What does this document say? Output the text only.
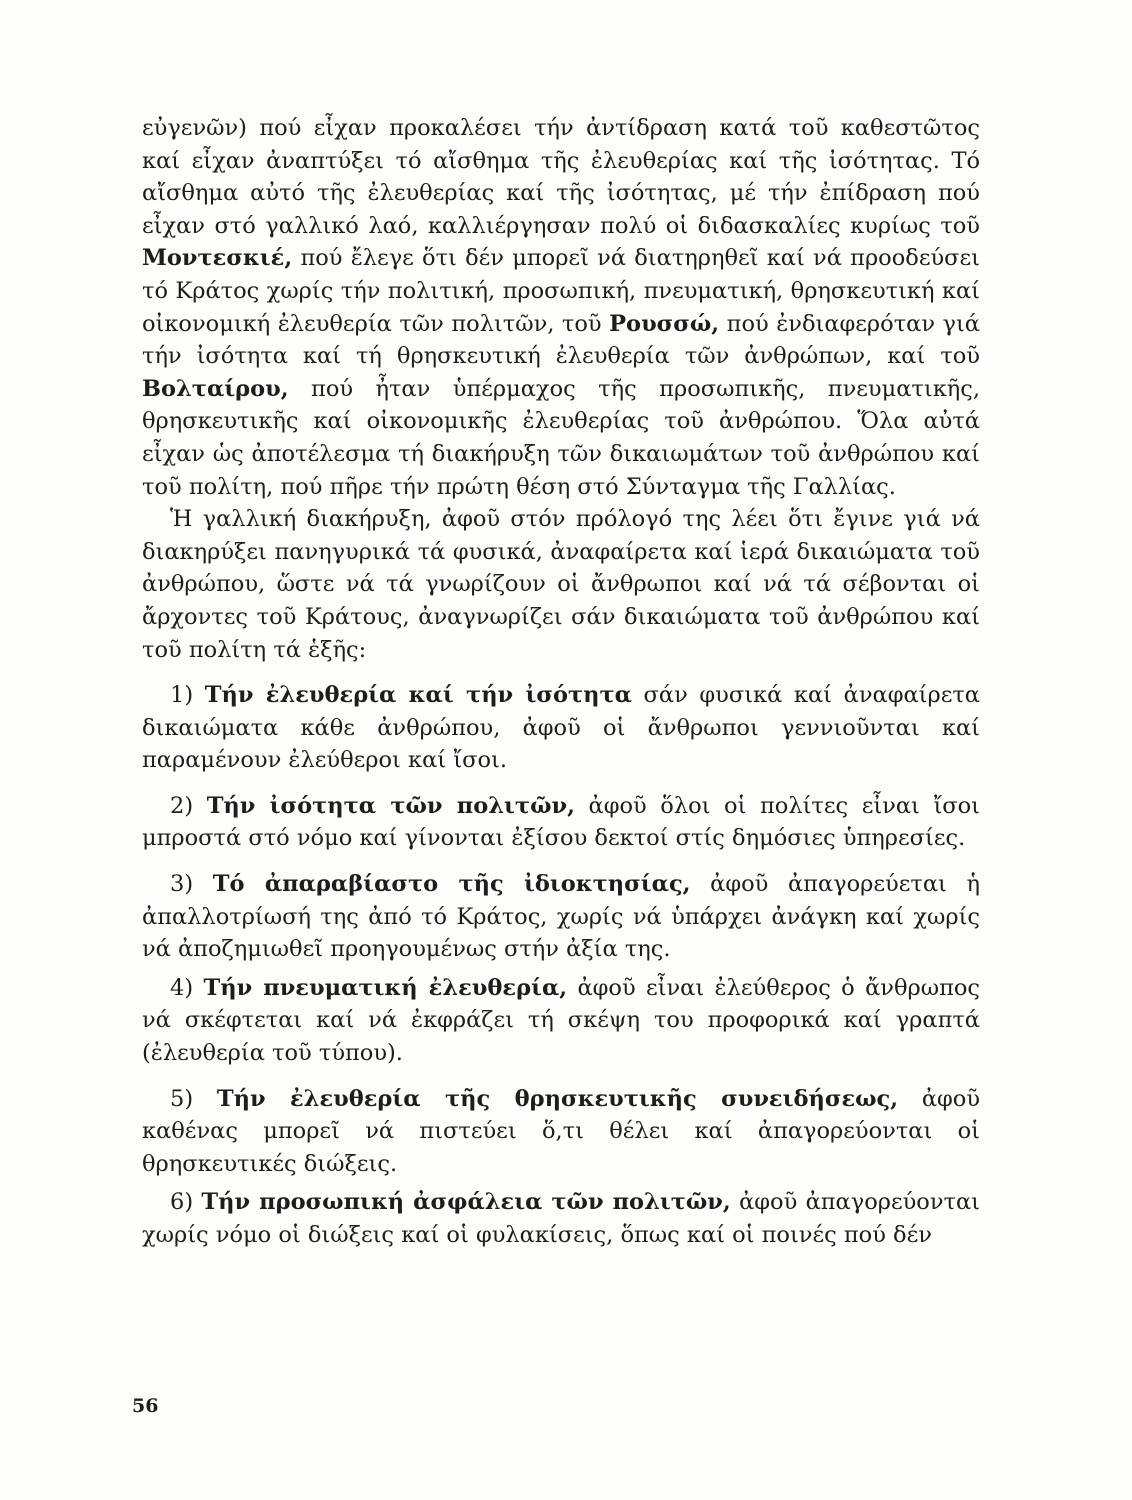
εὐγενῶν) πού εἶχαν προκαλέσει τήν ἀντίδραση κατά τοῦ καθεστῶτος καί εἶχαν ἀναπτύξει τό αἴσθημα τῆς ἐλευθερίας καί τῆς ἰσότητας. Τό αἴσθημα αὐτό τῆς ἐλευθερίας καί τῆς ἰσότητας, μέ τήν ἐπίδραση πού εἶχαν στό γαλλικό λαό, καλλιέργησαν πολύ οἱ διδασκαλίες κυρίως τοῦ Μοντεσκιέ, πού ἔλεγε ὅτι δέν μπορεῖ νά διατηρηθεῖ καί νά προοδεύσει τό Κράτος χωρίς τήν πολιτική, προσωπική, πνευματική, θρησκευτική καί οἰκονομική ἐλευθερία τῶν πολιτῶν, τοῦ Ρουσσώ, πού ἐνδιαφερόταν γιά τήν ἰσότητα καί τή θρησκευτική ἐλευθερία τῶν ἀνθρώπων, καί τοῦ Βολταίρου, πού ἦταν ὑπέρμαχος τῆς προσωπικῆς, πνευματικῆς, θρησκευτικῆς καί οἰκονομικῆς ἐλευθερίας τοῦ ἀνθρώπου. Ὅλα αὐτά εἶχαν ὡς ἀποτέλεσμα τή διακήρυξη τῶν δικαιωμάτων τοῦ ἀνθρώπου καί τοῦ πολίτη, πού πῆρε τήν πρώτη θέση στό Σύνταγμα τῆς Γαλλίας.

Ἡ γαλλική διακήρυξη, ἀφοῦ στόν πρόλογό της λέει ὅτι ἔγινε γιά νά διακηρύξει πανηγυρικά τά φυσικά, ἀναφαίρετα καί ἱερά δικαιώματα τοῦ ἀνθρώπου, ὥστε νά τά γνωρίζουν οἱ ἄνθρωποι καί νά τά σέβονται οἱ ἄρχοντες τοῦ Κράτους, ἀναγνωρίζει σάν δικαιώματα τοῦ ἀνθρώπου καί τοῦ πολίτη τά ἑξῆς:

1) Τήν ἐλευθερία καί τήν ἰσότητα σάν φυσικά καί ἀναφαίρετα δικαιώματα κάθε ἀνθρώπου, ἀφοῦ οἱ ἄνθρωποι γεννιοῦνται καί παραμένουν ἐλεύθεροι καί ἴσοι.

2) Τήν ἰσότητα τῶν πολιτῶν, ἀφοῦ ὅλοι οἱ πολίτες εἶναι ἴσοι μπροστά στό νόμο καί γίνονται ἐξίσου δεκτοί στίς δημόσιες ὑπηρεσίες.

3) Τό ἀπαραβίαστο τῆς ἰδιοκτησίας, ἀφοῦ ἀπαγορεύεται ἡ ἀπαλλοτρίωσή της ἀπό τό Κράτος, χωρίς νά ὑπάρχει ἀνάγκη καί χωρίς νά ἀποζημιωθεῖ προηγουμένως στήν ἀξία της.

4) Τήν πνευματική ἐλευθερία, ἀφοῦ εἶναι ἐλεύθερος ὁ ἄνθρωπος νά σκέφτεται καί νά ἐκφράζει τή σκέψη του προφορικά καί γραπτά (ἐλευθερία τοῦ τύπου).

5) Τήν ἐλευθερία τῆς θρησκευτικῆς συνειδήσεως, ἀφοῦ καθένας μπορεῖ νά πιστεύει ὅ,τι θέλει καί ἀπαγορεύονται οἱ θρησκευτικές διώξεις.

6) Τήν προσωπική ἀσφάλεια τῶν πολιτῶν, ἀφοῦ ἀπαγορεύονται χωρίς νόμο οἱ διώξεις καί οἱ φυλακίσεις, ὅπως καί οἱ ποινές πού δέν

56
